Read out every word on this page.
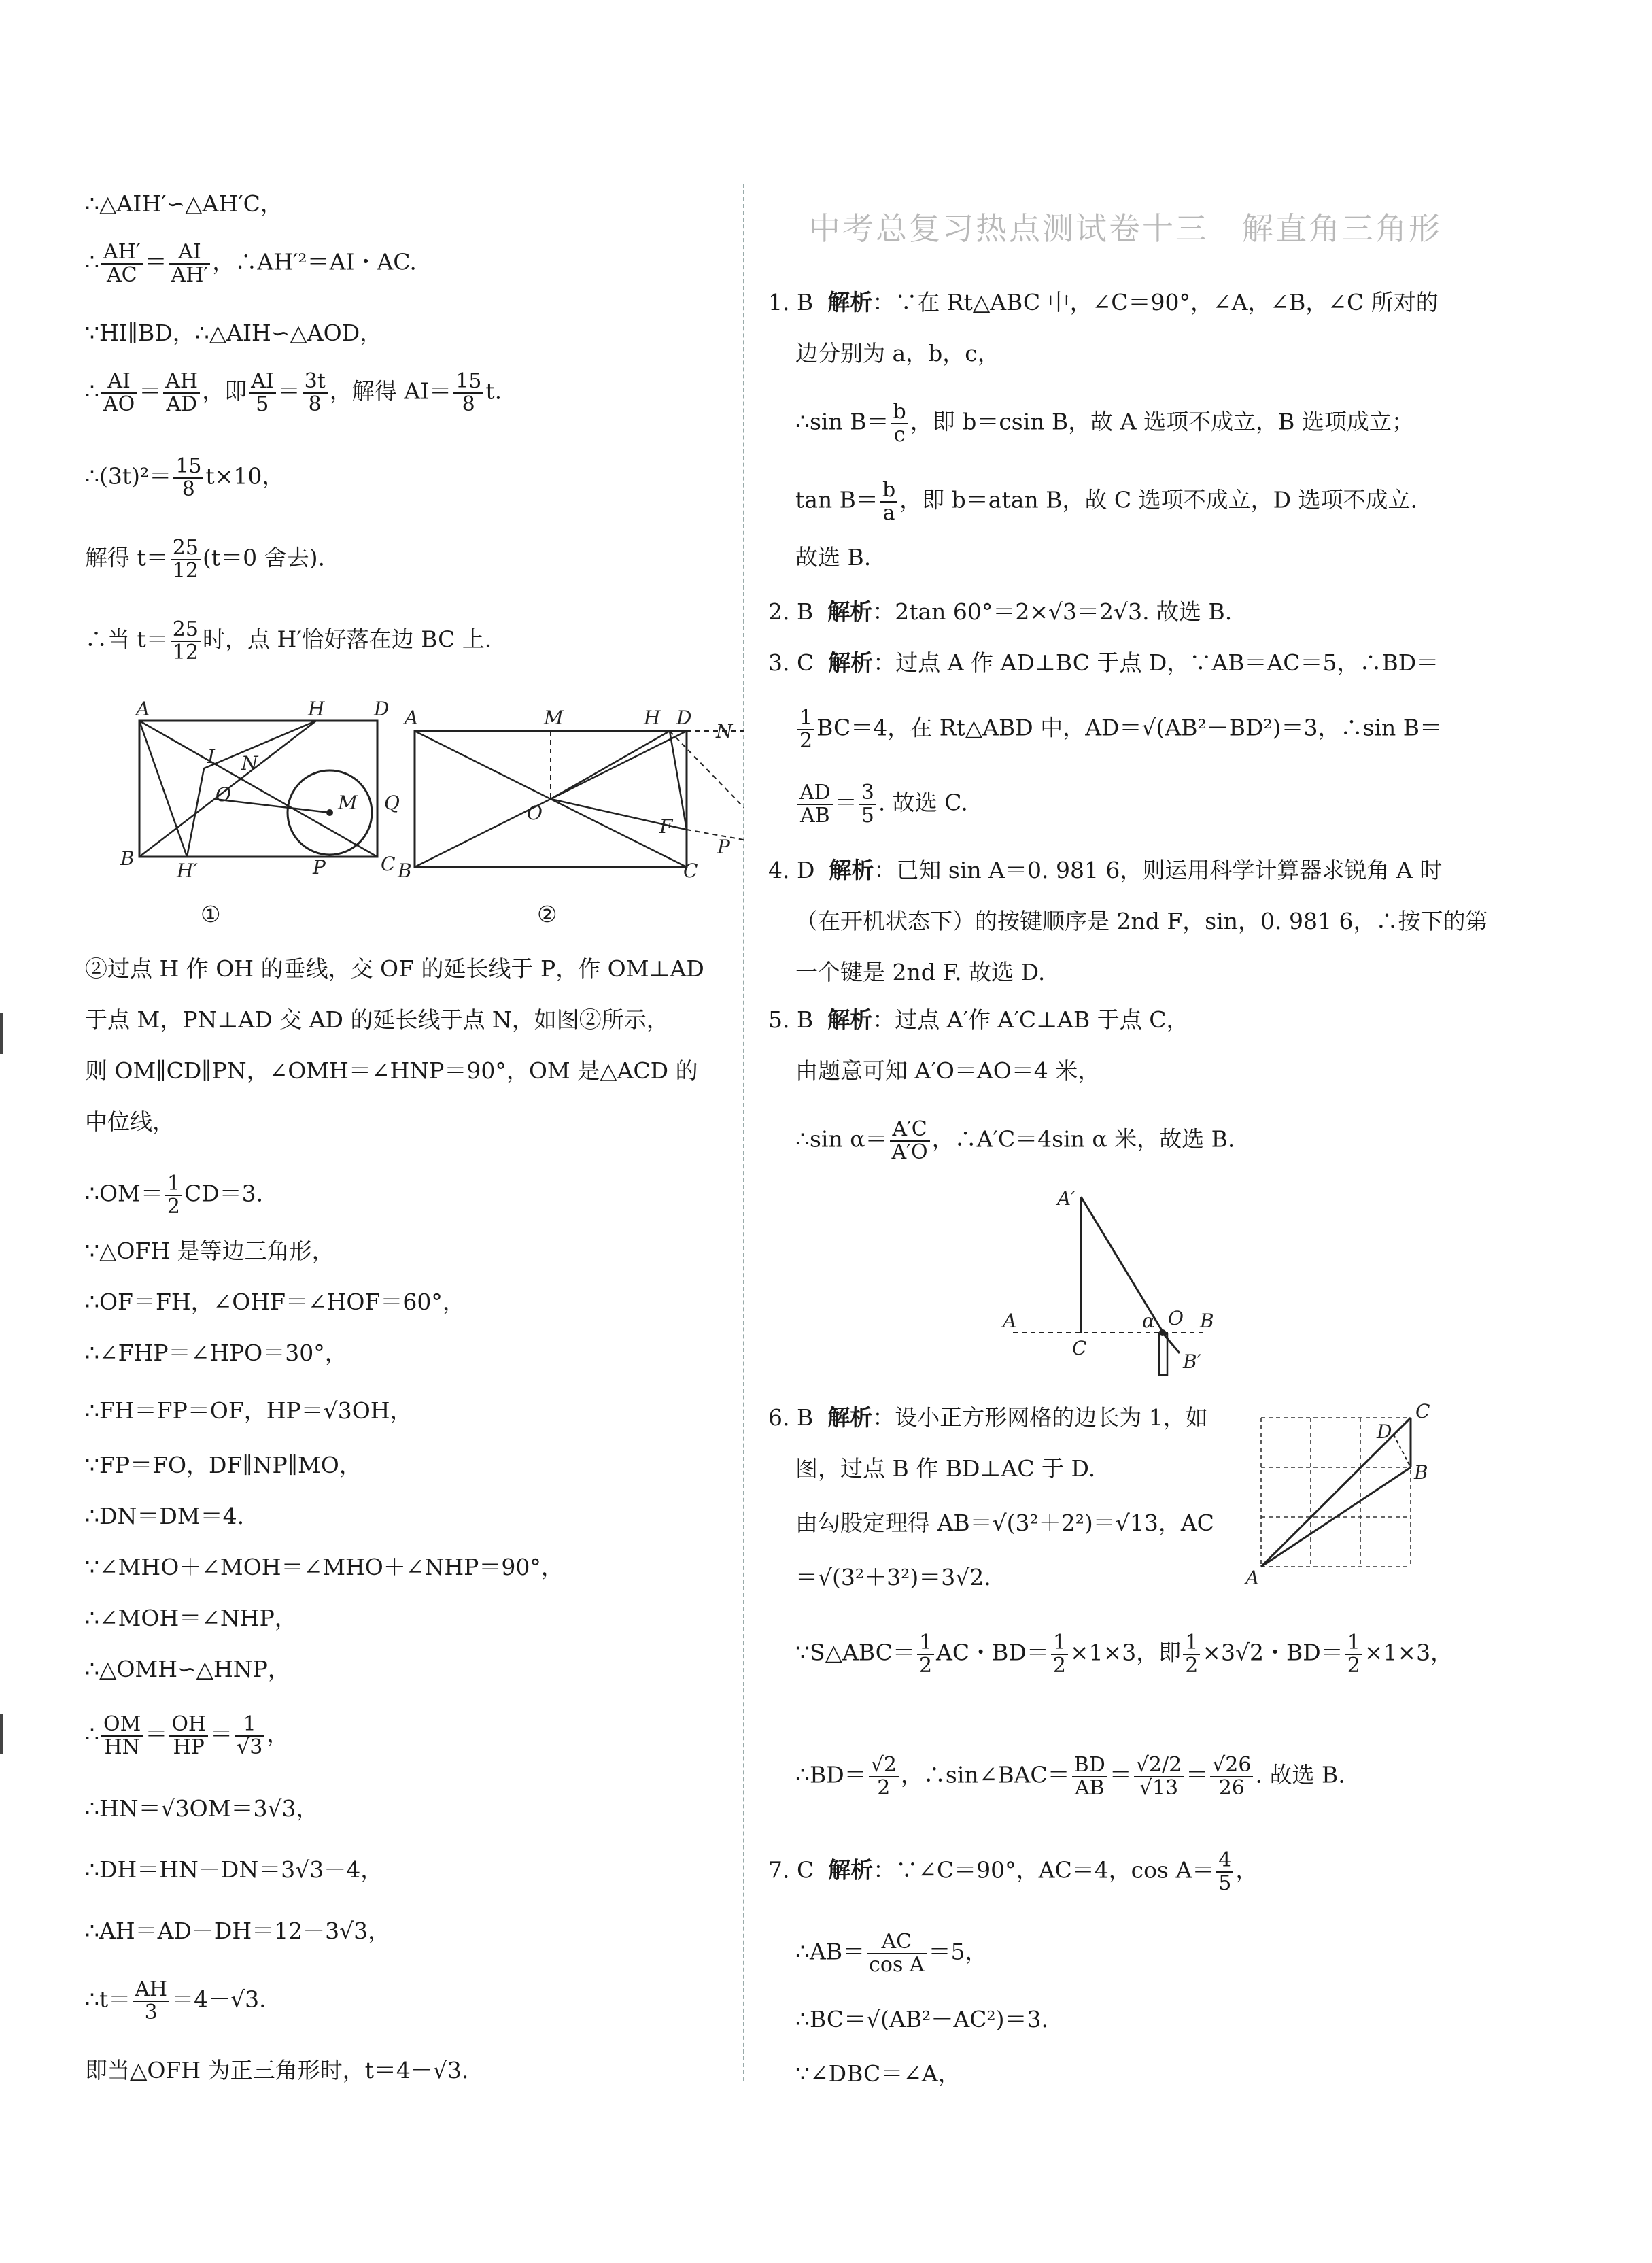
中考总复习热点测试卷十三　解直角三角形
∴△AIH′∽△AH′C，
∴ $\frac{AH'}{AC} = \frac{AI}{AH'}$ ，∴AH′²＝AI・AC.
∵HI∥BD，∴△AIH∽△AOD，
∴ $\frac{AI}{AO} = \frac{AH}{AD}$ ，即 $\frac{AI}{5} = \frac{3t}{8}$ ，解得 $AI= \frac{15}{8} t$.
∴(3t)²＝ $\frac{15}{8} t\times 10$，
解得 $t= \frac{25}{12} (t=0$ 舍去).
∴当 $t= \frac{25}{12}$ 时，点 H′恰好落在边 BC 上.
A	H	D
I N
O	M Q
B
H′	P	C
①
A	M	H D
N
O
F
P
B	C
②
②过点 H 作 OH 的垂线，交 OF 的延长线于 P，作 OM⊥AD
于点 M，PN⊥AD 交 AD 的延长线于点 N，如图②所示，
则 OM∥CD∥PN，∠OMH＝∠HNP＝90°，OM 是△ACD 的
中位线，
∴OM＝ $\frac{1}{2} CD=3$.
∵△OFH 是等边三角形，
∴OF＝FH，∠OHF＝∠HOF＝60°，
∴∠FHP＝∠HPO＝30°，
∴FH＝FP＝OF，HP＝√3OH，
∵FP＝FO，DF∥NP∥MO，
∴DN＝DM＝4.
∵∠MHO＋∠MOH＝∠MHO＋∠NHP＝90°，
∴∠MOH＝∠NHP，
∴△OMH∽△HNP，
∴ $\frac{OM}{HN} = \frac{OH}{HP} = \frac{1}{√3}$ ，
∴HN＝√3OM＝3√3，
∴DH＝HN－DN＝3√3－4，
∴AH＝AD－DH＝12－3√3，
∴t＝ $\frac{AH}{3} =4-√3$.
即当△OFH 为正三角形时，t＝4－√3.
1. B 解析：∵在 Rt△ABC 中，∠C＝90°，∠A，∠B，∠C 所对的
边分别为 a，b，c，
∴sin $B= \frac{b}{c}$ ，即 b＝csin B，故 A 选项不成立，B 选项成立；
$\tan B= \frac{b}{a}$ ，即 b＝atan B，故 C 选项不成立，D 选项不成立.
故选 B.
2. B 解析：2tan 60°＝2×√3＝2√3. 故选 B.
3. C 解析：过点 A 作 AD⊥BC 于点 D，∵AB＝AC＝5，∴BD＝
$\frac{1}{2} BC=4$，在 Rt△ABD 中，AD＝√(AB²－BD²)＝3，∴sin B＝
$\frac{AD}{AB} = \frac{3}{5}$ . 故选 C.
4. D 解析：已知 sin A＝0. 981 6，则运用科学计算器求锐角 A 时
（在开机状态下）的按键顺序是 2nd F，sin，0. 981 6，∴按下的第
一个键是 2nd F. 故选 D.
5. B 解析：过点 A′作 A′C⊥AB 于点 C，
由题意可知 A′O＝AO＝4 米，
∴sin $\alpha= \frac{A'C}{A'O}$ ，∴A′C＝4sin α 米，故选 B.
A′
A
C
α O B
B′
6. B 解析：设小正方形网格的边长为 1，如
图，过点 B 作 BD⊥AC 于 D.
由勾股定理得 AB＝√(3²＋2²)＝√13，AC
＝√(3²＋3²)＝3√2.
C
D
B
A
∵S△ABC＝ $\frac{1}{2}$ AC・$BD= \frac{1}{2} \times 1\times 3$，即 $\frac{1}{2} \times 3√2$・$BD= \frac{1}{2} \times 1\times 3$，
∴BD＝ $\frac{√2}{2}$ ，∴sin∠BAC＝ $\frac{BD}{AB} = \frac{√2/2}{√13} = \frac{√26}{26}$ . 故选 B.
7. C 解析：∵∠C＝90°，AC＝4，$\cos A= \frac{4}{5}$ ，
∴AB＝ $\frac{AC}{\text{cos A}} =5$，
∴BC＝√(AB²－AC²)＝3.
∵∠DBC＝∠A，
